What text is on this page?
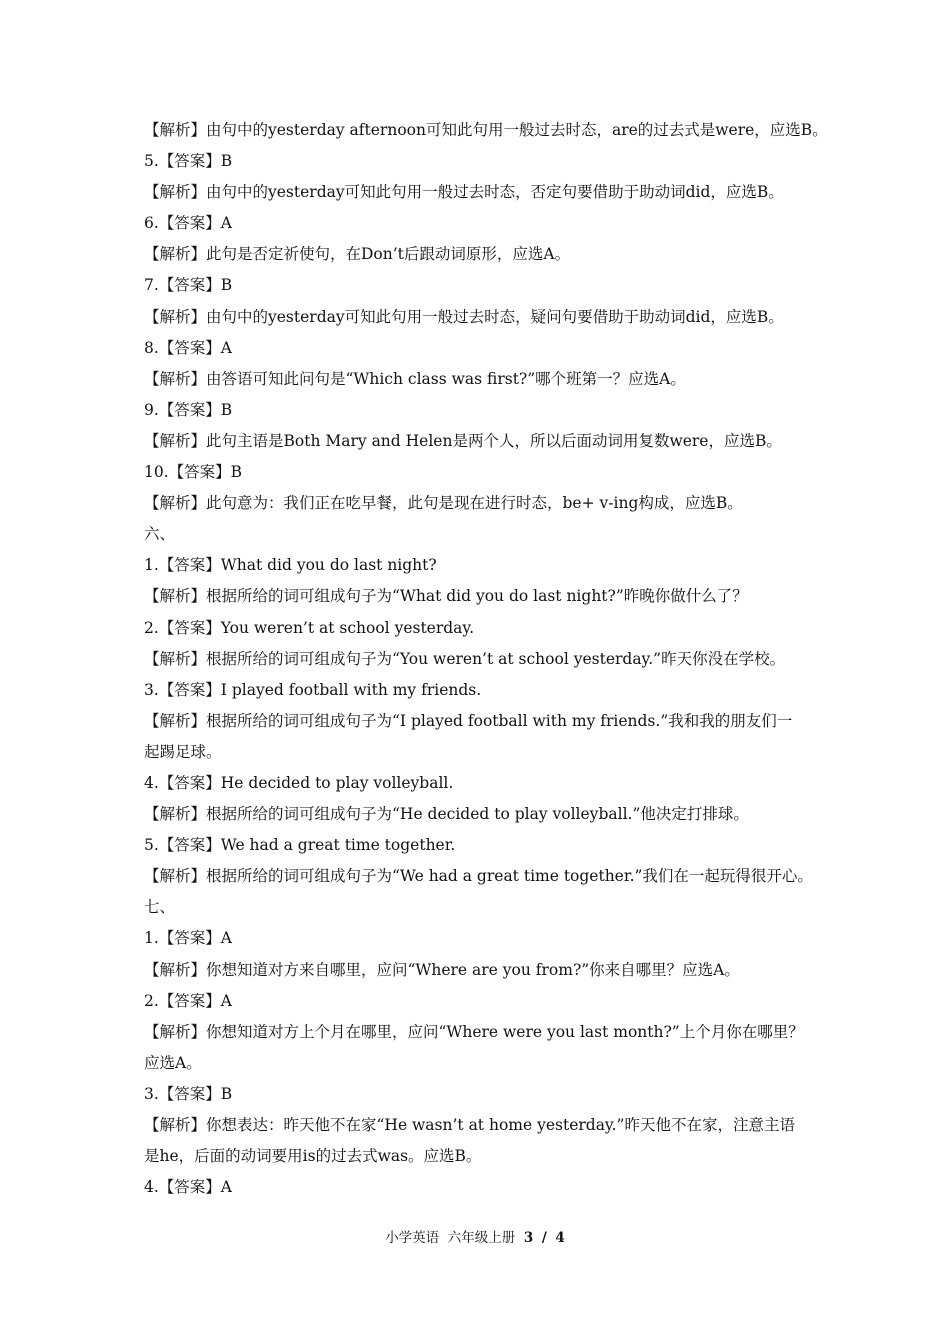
【解析】由句中的yesterday afternoon可知此句用一般过去时态，are的过去式是were，应选B。
5.【答案】B
【解析】由句中的yesterday可知此句用一般过去时态，否定句要借助于助动词did，应选B。
6.【答案】A
【解析】此句是否定祈使句，在Don’t后跟动词原形，应选A。
7.【答案】B
【解析】由句中的yesterday可知此句用一般过去时态，疑问句要借助于助动词did，应选B。
8.【答案】A
【解析】由答语可知此问句是“Which class was first?”哪个班第一？应选A。
9.【答案】B
【解析】此句主语是Both Mary and Helen是两个人，所以后面动词用复数were，应选B。
10.【答案】B
【解析】此句意为：我们正在吃早餐，此句是现在进行时态，be+ v-ing构成，应选B。
六、
1.【答案】What did you do last night?
【解析】根据所给的词可组成句子为“What did you do last night?”昨晚你做什么了？
2.【答案】You weren’t at school yesterday.
【解析】根据所给的词可组成句子为“You weren’t at school yesterday.”昨天你没在学校。
3.【答案】I played football with my friends.
【解析】根据所给的词可组成句子为“I played football with my friends.”我和我的朋友们一
起踢足球。
4.【答案】He decided to play volleyball.
【解析】根据所给的词可组成句子为“He decided to play volleyball.”他决定打排球。
5.【答案】We had a great time together.
【解析】根据所给的词可组成句子为“We had a great time together.”我们在一起玩得很开心。
七、
1.【答案】A
【解析】你想知道对方来自哪里，应问“Where are you from?”你来自哪里？应选A。
2.【答案】A
【解析】你想知道对方上个月在哪里，应问“Where were you last month?”上个月你在哪里？
应选A。
3.【答案】B
【解析】你想表达：昨天他不在家“He wasn’t at home yesterday.”昨天他不在家，注意主语
是he，后面的动词要用is的过去式was。应选B。
4.【答案】A
小学英语 六年级上册 3 / 4
